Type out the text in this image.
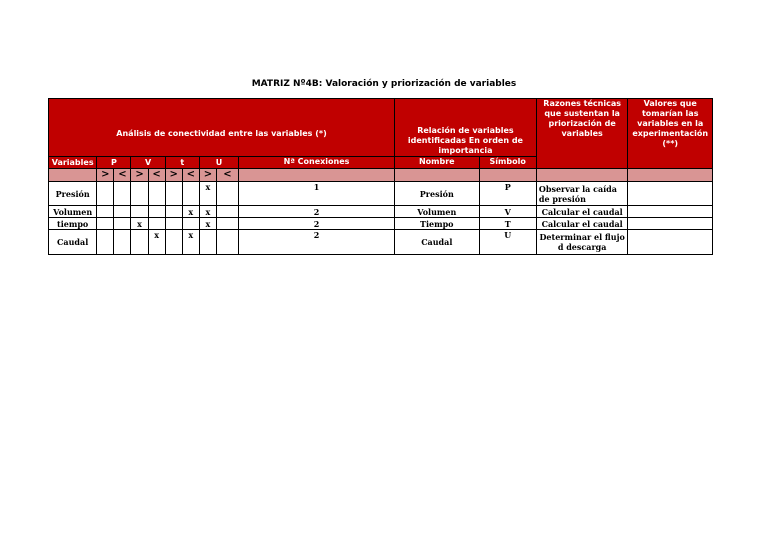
MATRIZ Nº4B: Valoración y priorización de variables
Análisis de conectividad entre las variables (*)										Relación de variables identificadas En orden de importancia		Razones técnicas que sustentan la priorización de variables	Valores que tomarían las variables en la experimentación (**)
Variables	P		V		t		U		Nª Conexiones	Nombre	Símbolo		
	>	<	>	<	>	<	>	<					
Presión							x		1	Presión	P	Observar la caída de presión	
Volumen						x	x		2	Volumen	V	Calcular el caudal	
tiempo			x				x		2	Tiempo	T	Calcular el caudal	
Caudal				x		x			2	Caudal	U	Determinar el flujo d descarga	
